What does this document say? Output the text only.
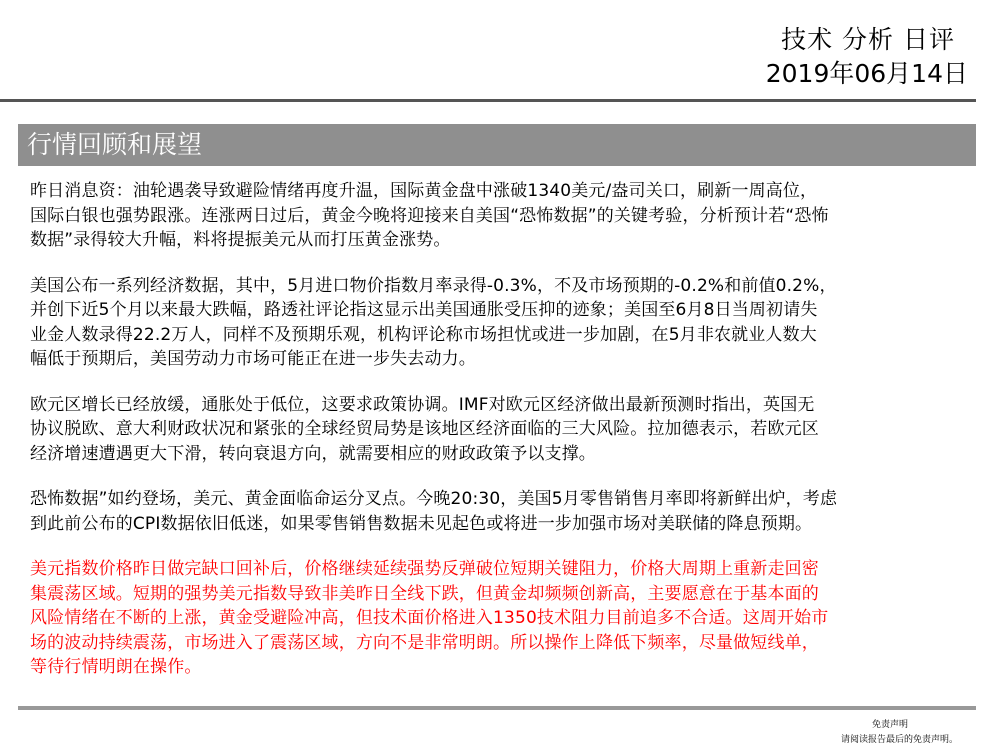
技术 分析 日评
2019年06月14日
行情回顾和展望

昨日消息资：油轮遇袭导致避险情绪再度升温，国际黄金盘中涨破1340美元/盎司关口，刷新一周高位，
国际白银也强势跟涨。连涨两日过后，黄金今晚将迎接来自美国“恐怖数据”的关键考验，分析预计若“恐怖
数据”录得较大升幅，料将提振美元从而打压黄金涨势。

美国公布一系列经济数据，其中，5月进口物价指数月率录得-0.3%，不及市场预期的-0.2%和前值0.2%，
并创下近5个月以来最大跌幅，路透社评论指这显示出美国通胀受压抑的迹象；美国至6月8日当周初请失
业金人数录得22.2万人，同样不及预期乐观，机构评论称市场担忧或进一步加剧，在5月非农就业人数大
幅低于预期后，美国劳动力市场可能正在进一步失去动力。

欧元区增长已经放缓，通胀处于低位，这要求政策协调。IMF对欧元区经济做出最新预测时指出，英国无
协议脱欧、意大利财政状况和紧张的全球经贸局势是该地区经济面临的三大风险。拉加德表示，若欧元区
经济增速遭遇更大下滑，转向衰退方向，就需要相应的财政政策予以支撑。

恐怖数据”如约登场，美元、黄金面临命运分叉点。今晚20:30，美国5月零售销售月率即将新鲜出炉，考虑
到此前公布的CPI数据依旧低迷，如果零售销售数据未见起色或将进一步加强市场对美联储的降息预期。

美元指数价格昨日做完缺口回补后，价格继续延续强势反弹破位短期关键阻力，价格大周期上重新走回密
集震荡区域。短期的强势美元指数导致非美昨日全线下跌，但黄金却频频创新高，主要愿意在于基本面的
风险情绪在不断的上涨，黄金受避险冲高，但技术面价格进入1350技术阻力目前追多不合适。这周开始市
场的波动持续震荡，市场进入了震荡区域，方向不是非常明朗。所以操作上降低下频率，尽量做短线单，
等待行情明朗在操作。

免责声明
请阅读报告最后的免责声明。
